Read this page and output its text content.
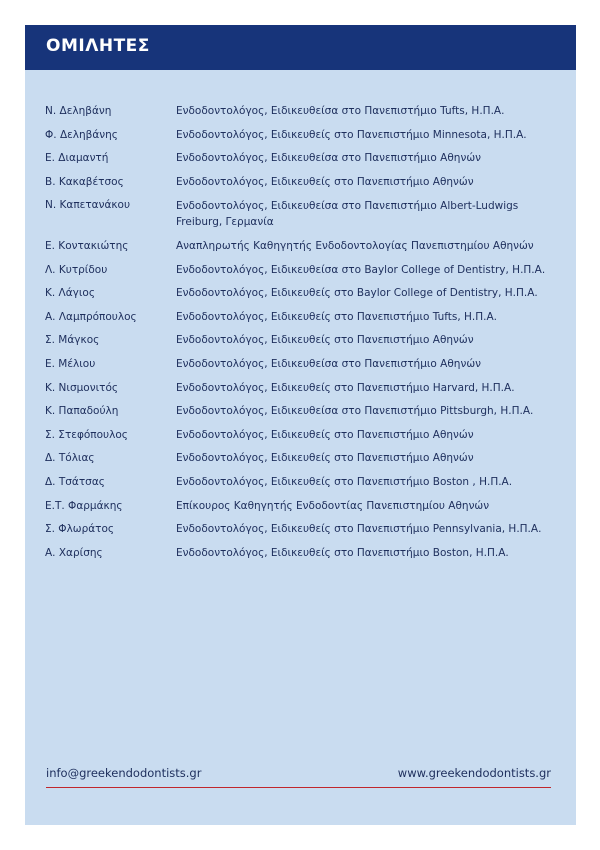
ΟΜΙΛΗΤΕΣ
Ν. Δεληβάνη	Ενδοδοντολόγος, Ειδικευθείσα στο Πανεπιστήμιο Tufts, Η.Π.Α.
Φ. Δεληβάνης	Ενδοδοντολόγος, Ειδικευθείς στο Πανεπιστήμιο Minnesota, Η.Π.Α.
Ε. Διαμαντή	Ενδοδοντολόγος, Ειδικευθείσα στο Πανεπιστήμιο Αθηνών
Β. Κακαβέτσος	Ενδοδοντολόγος, Ειδικευθείς στο Πανεπιστήμιο Αθηνών
Ν. Καπετανάκου	Ενδοδοντολόγος, Ειδικευθείσα στο Πανεπιστήμιο Albert-Ludwigs Freiburg, Γερμανία
Ε. Κοντακιώτης	Αναπληρωτής Καθηγητής Ενδοδοντολογίας Πανεπιστημίου Αθηνών
Λ. Κυτρίδου	Ενδοδοντολόγος, Ειδικευθείσα στο Baylor College of Dentistry, Η.Π.Α.
Κ. Λάγιος	Ενδοδοντολόγος, Ειδικευθείς στο Baylor College of Dentistry, Η.Π.Α.
Α. Λαμπρόπουλος	Ενδοδοντολόγος, Ειδικευθείς στο Πανεπιστήμιο Tufts, Η.Π.Α.
Σ. Μάγκος	Ενδοδοντολόγος, Ειδικευθείς στο Πανεπιστήμιο Αθηνών
Ε. Μέλιου	Ενδοδοντολόγος, Ειδικευθείσα στο Πανεπιστήμιο Αθηνών
Κ. Νισμονιτός	Ενδοδοντολόγος, Ειδικευθείς στο Πανεπιστήμιο Harvard, Η.Π.Α.
Κ. Παπαδούλη	Ενδοδοντολόγος, Ειδικευθείσα στο Πανεπιστήμιο Pittsburgh, Η.Π.Α.
Σ. Στεφόπουλος	Ενδοδοντολόγος, Ειδικευθείς στο Πανεπιστήμιο Αθηνών
Δ. Τόλιας	Ενδοδοντολόγος, Ειδικευθείς στο Πανεπιστήμιο Αθηνών
Δ. Τσάτσας	Ενδοδοντολόγος, Ειδικευθείς στο Πανεπιστήμιο Boston , Η.Π.Α.
Ε.Τ. Φαρμάκης	Επίκουρος Καθηγητής Ενδοδοντίας Πανεπιστημίου Αθηνών
Σ. Φλωράτος	Ενδοδοντολόγος, Ειδικευθείς στο Πανεπιστήμιο Pennsylvania, Η.Π.Α.
Α. Χαρίσης	Ενδοδοντολόγος, Ειδικευθείς στο Πανεπιστήμιο Boston, Η.Π.Α.
info@greekendodontists.gr	www.greekendodontists.gr
